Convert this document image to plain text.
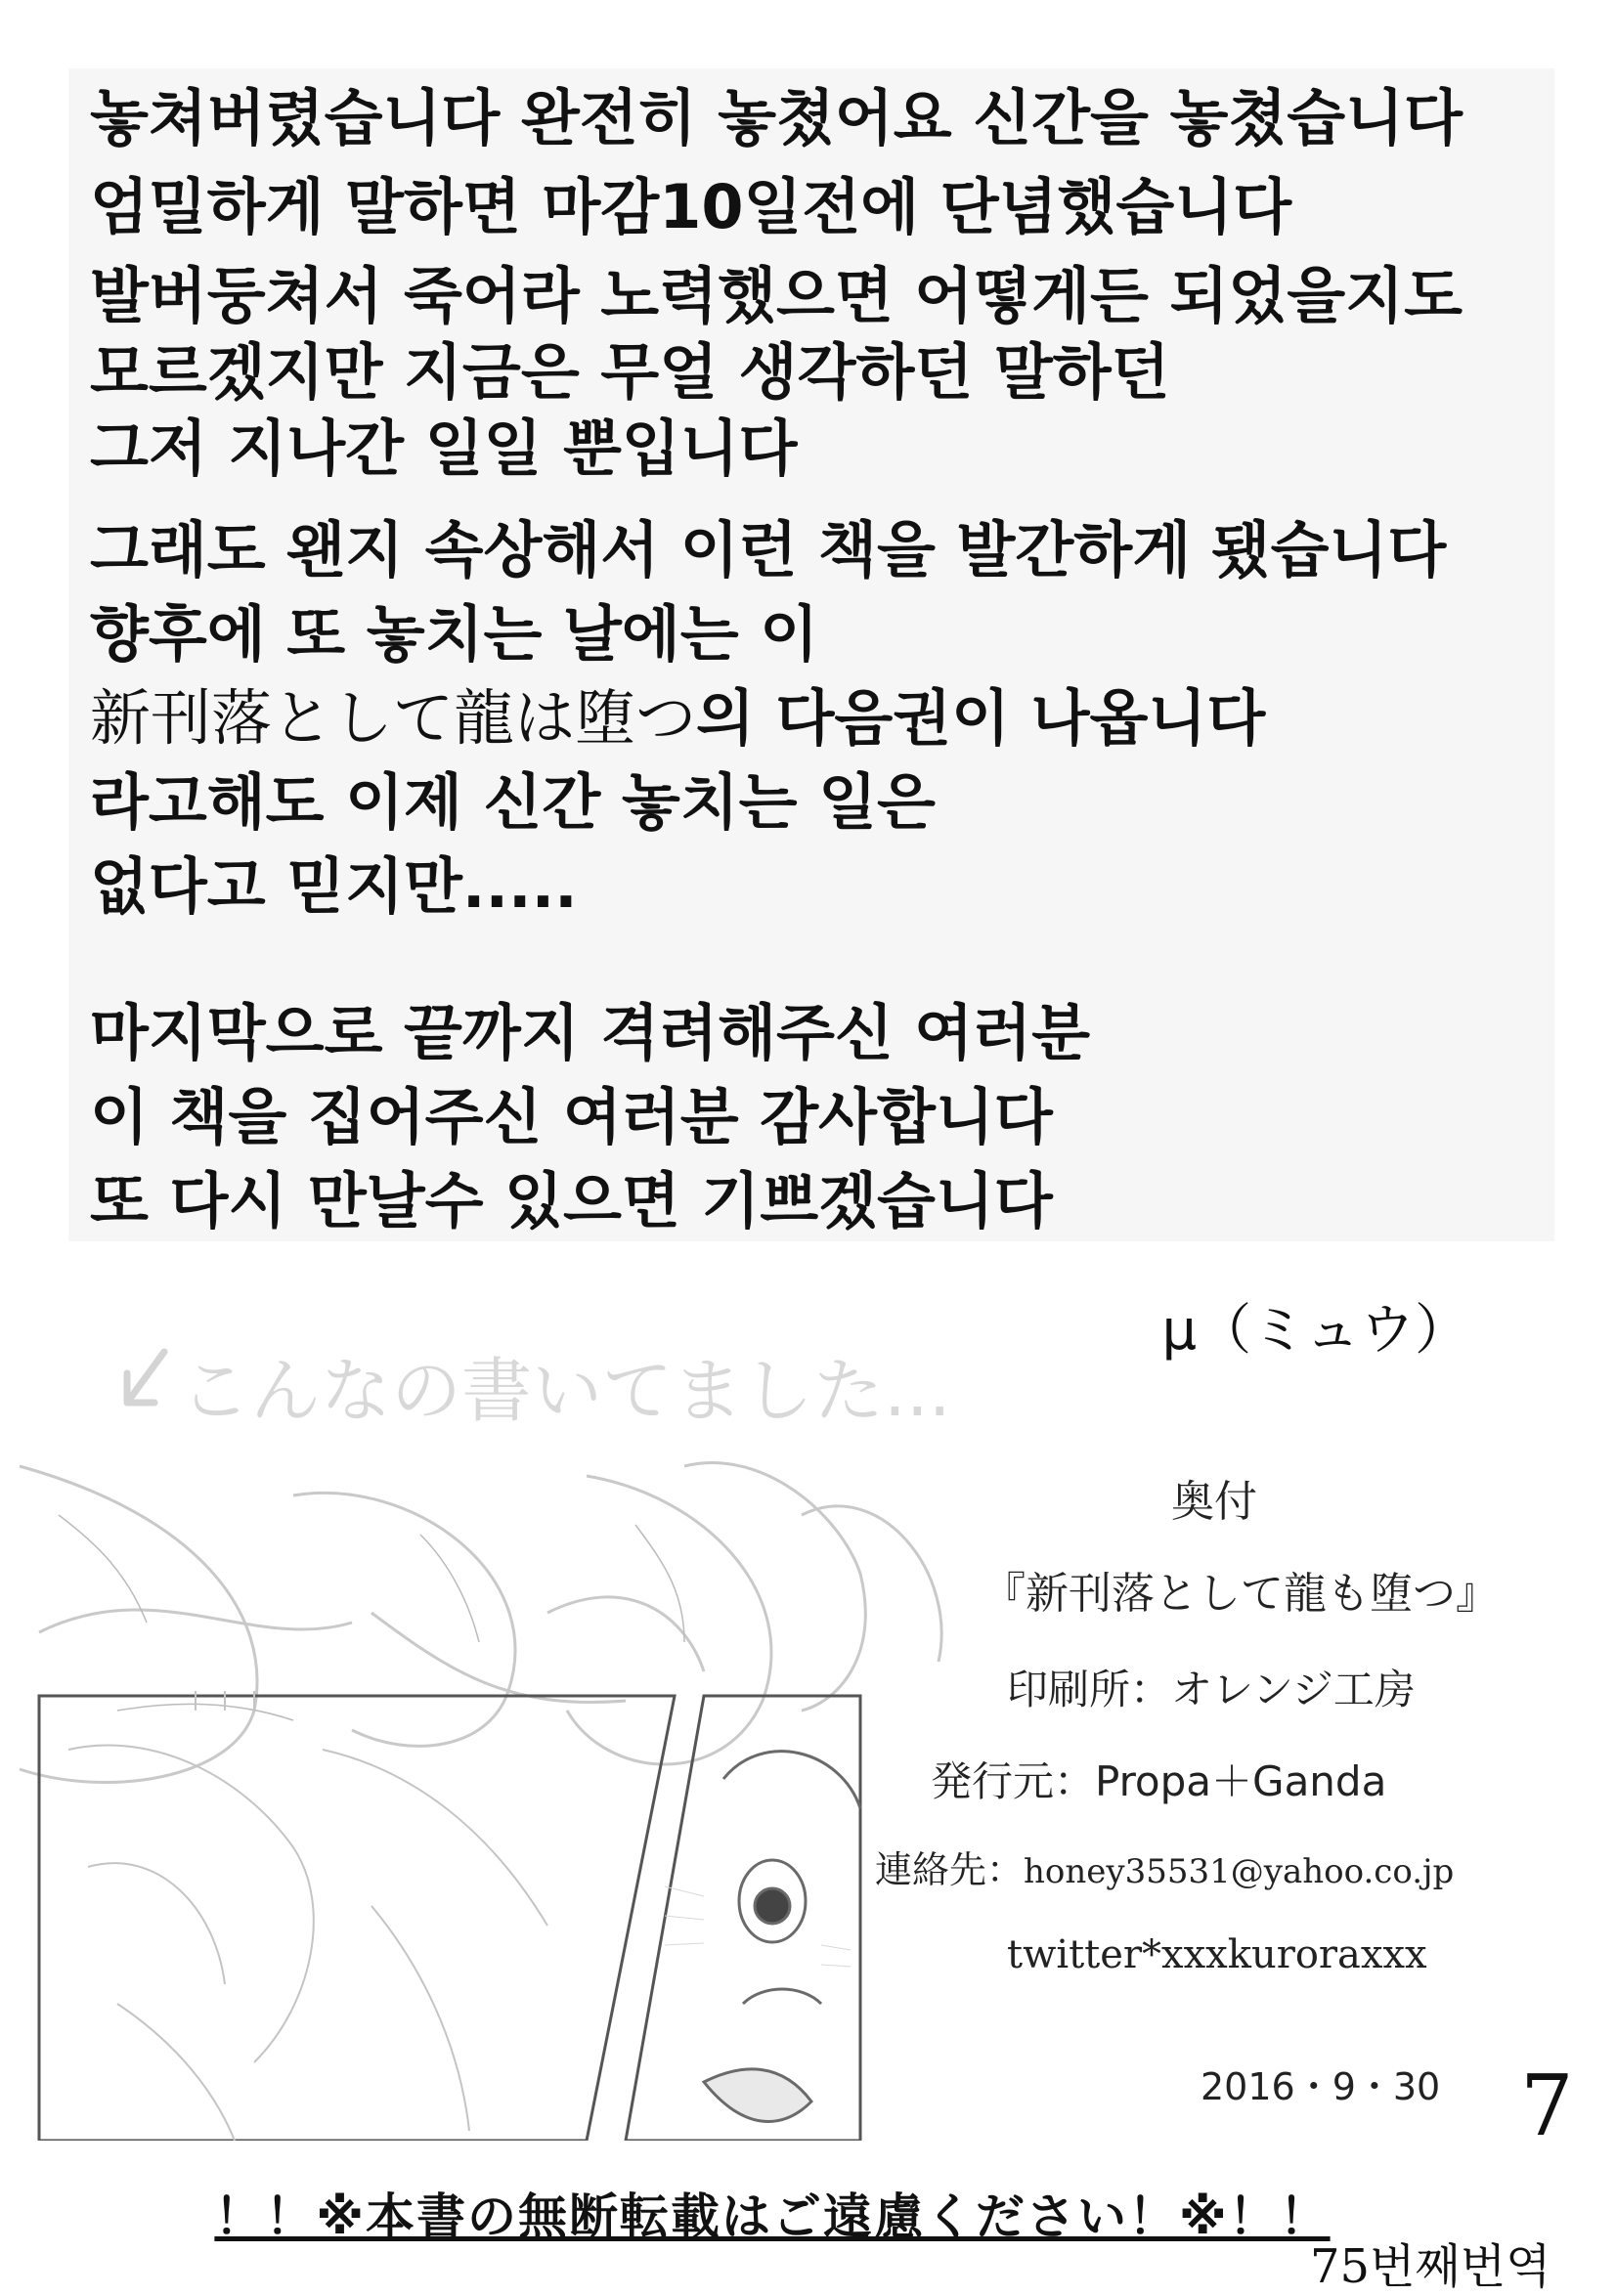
놓쳐버렸습니다 완전히 놓쳤어요 신간을 놓쳤습니다
엄밀하게 말하면 마감10일전에 단념했습니다
발버둥쳐서 죽어라 노력했으면 어떻게든 되었을지도
모르겠지만 지금은 무얼 생각하던 말하던
그저 지나간 일일 뿐입니다
그래도 왠지 속상해서 이런 책을 발간하게 됐습니다
향후에 또 놓치는 날에는 이
新刊落として龍は堕つ의 다음권이 나옵니다
라고해도 이제 신간 놓치는 일은
없다고 믿지만.....
마지막으로 끝까지 격려해주신 여러분
이 책을 집어주신 여러분 감사합니다
또 다시 만날수 있으면 기쁘겠습니다
μ（ミュウ）
こんなの書いてました...
奥付
『新刊落として龍も堕つ』
印刷所：オレンジ工房
発行元：Propa＋Ganda
連絡先：honey35531@yahoo.co.jp
twitter*xxxkuroraxxx
2016・9・30 7
！！※本書の無断転載はご遠慮ください！※！！
75번째번역
